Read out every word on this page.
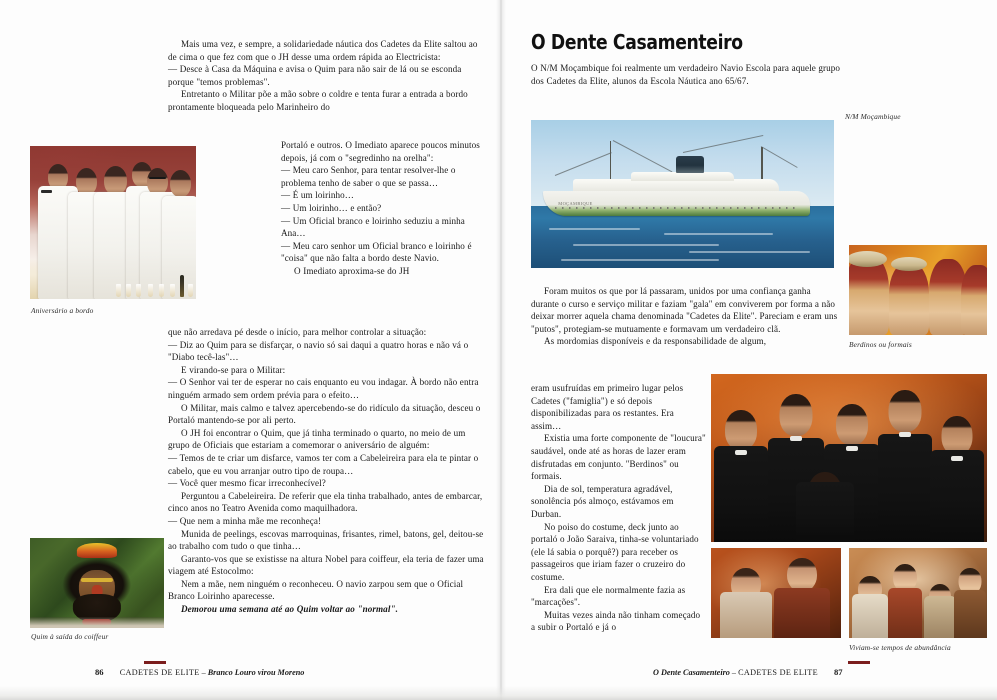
Aniversário a bordo
Quim à saída do coiffeur

Mais uma vez, e sempre, a solidariedade náutica dos Cadetes da Elite saltou ao de cima o que fez com que o JH desse uma ordem rápida ao Electricista:

— Desce à Casa da Máquina e avisa o Quim para não sair de lá ou se esconda porque "temos problemas".

Entretanto o Militar põe a mão sobre o coldre e tenta furar a entrada a bordo prontamente bloqueada pelo Marinheiro do

Portaló e outros. O Imediato aparece poucos minutos depois, já com o "segredinho na orelha":

— Meu caro Senhor, para tentar resolver-lhe o problema tenho de saber o que se passa…

— É um loirinho…

— Um loirinho… e então?

— Um Oficial branco e loirinho seduziu a minha Ana…

— Meu caro senhor um Oficial branco e loirinho é "coisa" que não falta a bordo deste Navio.

O Imediato aproxima-se do JH

que não arredava pé desde o início, para melhor controlar a situação:

— Diz ao Quim para se disfarçar, o navio só sai daqui a quatro horas e não vá o "Diabo tecê-las"…

E virando-se para o Militar:

— O Senhor vai ter de esperar no cais enquanto eu vou indagar. À bordo não entra ninguém armado sem ordem prévia para o efeito…

O Militar, mais calmo e talvez apercebendo-se do ridículo da situação, desceu o Portaló mantendo-se por ali perto.

O JH foi encontrar o Quim, que já tinha terminado o quarto, no meio de um grupo de Oficiais que estariam a comemorar o aniversário de alguém:

— Temos de te criar um disfarce, vamos ter com a Cabeleireira para ela te pintar o cabelo, que eu vou arranjar outro tipo de roupa…

— Você quer mesmo ficar irreconhecível?

Perguntou a Cabeleireira. De referir que ela tinha trabalhado, antes de embarcar, cinco anos no Teatro Avenida como maquilhadora.

— Que nem a minha mãe me reconheça!

Munida de peelings, escovas marroquinas, frisantes, rimel, batons, gel, deitou-se ao trabalho com tudo o que tinha…

Garanto-vos que se existisse na altura Nobel para coiffeur, ela teria de fazer uma viagem até Estocolmo:

Nem a mãe, nem ninguém o reconheceu. O navio zarpou sem que o Oficial Branco Loirinho aparecesse.

Demorou uma semana até ao Quim voltar ao "normal".

86 CADETES DE ELITE – Branco Louro virou Moreno
O Dente Casamenteiro

O N/M Moçambique foi realmente um verdadeiro Navio Escola para aquele grupo dos Cadetes da Elite, alunos da Escola Náutica ano 65/67.

MOÇAMBIQUE
N/M Moçambique

Foram muitos os que por lá passaram, unidos por uma confiança ganha durante o curso e serviço militar e faziam "gala" em conviverem por forma a não deixar morrer aquela chama denominada "Cadetes da Elite". Pareciam e eram uns "putos", protegiam-se mutuamente e formavam um verdadeiro clã.

As mordomias disponíveis e da responsabilidade de algum,

eram usufruídas em primeiro lugar pelos Cadetes ("famiglia") e só depois disponibilizadas para os restantes. Era assim…

Existia uma forte componente de "loucura" saudável, onde até as horas de lazer eram disfrutadas em conjunto. "Berdinos" ou formais.

Dia de sol, temperatura agradável, sonolência pós almoço, estávamos em Durban.

No poiso do costume, deck junto ao portaló o João Saraiva, tinha-se voluntariado (ele lá sabia o porquê?) para receber os passageiros que iriam fazer o cruzeiro do costume.

Era dali que ele normalmente fazia as "marcações".

Muitas vezes ainda não tinham começado a subir o Portaló e já o

Berdinos ou formais
Viviam-se tempos de abundância
O Dente Casamenteiro – CADETES DE ELITE 87
